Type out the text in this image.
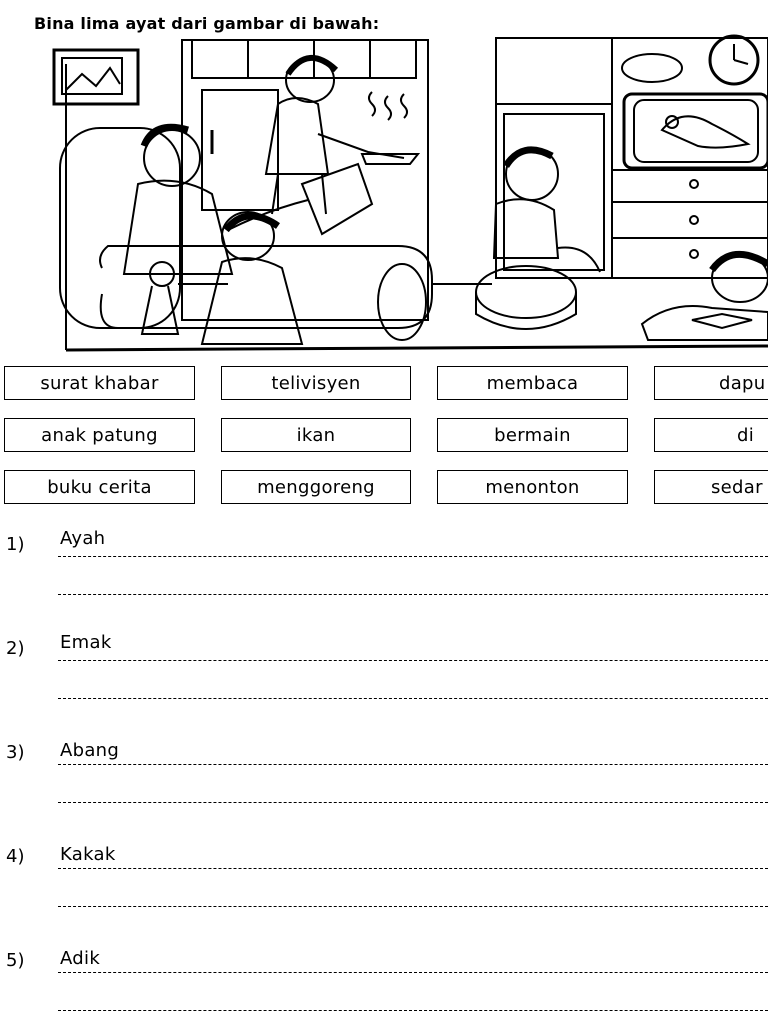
Bina lima ayat dari gambar di bawah:
surat khabar	telivisyen	membaca	dapu
anak patung	ikan	bermain	di
buku cerita	menggoreng	menonton	sedar
1) Ayah
2) Emak
3) Abang
4) Kakak
5) Adik
